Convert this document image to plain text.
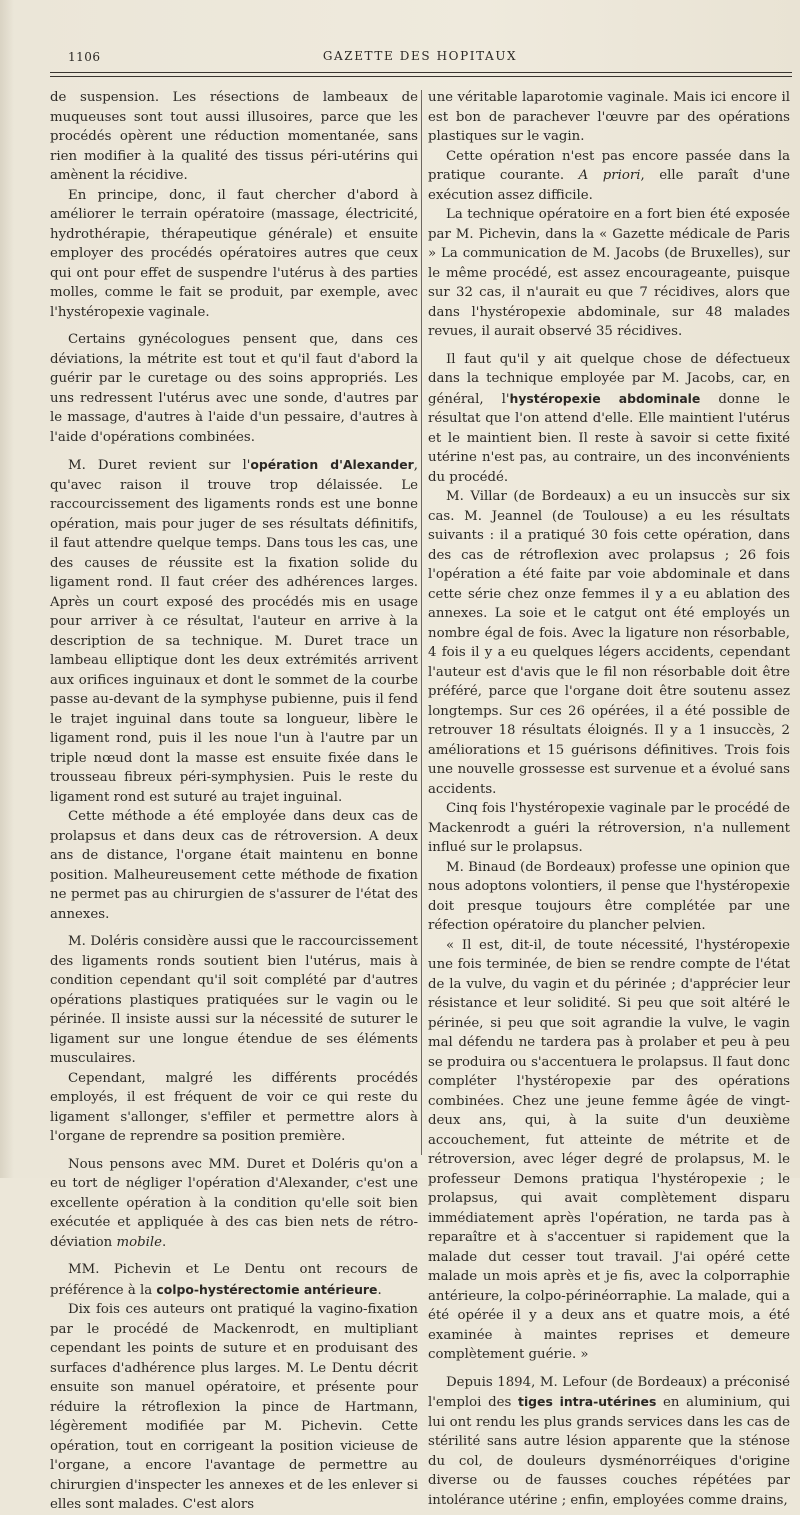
1106	GAZETTE DES HOPITAUX

de suspension. Les résections de lambeaux de muqueuses sont tout aussi illusoires, parce que les procédés opèrent une réduction momentanée, sans rien modifier à la qualité des tissus péri-utérins qui amènent la récidive.

En principe, donc, il faut chercher d'abord à améliorer le terrain opératoire (massage, électricité, hydrothérapie, thérapeutique générale) et ensuite employer des procédés opératoires autres que ceux qui ont pour effet de suspendre l'utérus à des parties molles, comme le fait se produit, par exemple, avec l'hystéropexie vaginale.

Certains gynécologues pensent que, dans ces déviations, la métrite est tout et qu'il faut d'abord la guérir par le curetage ou des soins appropriés. Les uns redressent l'utérus avec une sonde, d'autres par le massage, d'autres à l'aide d'un pessaire, d'autres à l'aide d'opérations combinées.

M. Duret revient sur l'opération d'Alexander, qu'avec raison il trouve trop délaissée. Le raccourcissement des ligaments ronds est une bonne opération, mais pour juger de ses résultats définitifs, il faut attendre quelque temps. Dans tous les cas, une des causes de réussite est la fixation solide du ligament rond. Il faut créer des adhérences larges. Après un court exposé des procédés mis en usage pour arriver à ce résultat, l'auteur en arrive à la description de sa technique. M. Duret trace un lambeau elliptique dont les deux extrémités arrivent aux orifices inguinaux et dont le sommet de la courbe passe au-devant de la symphyse pubienne, puis il fend le trajet inguinal dans toute sa longueur, libère le ligament rond, puis il les noue l'un à l'autre par un triple nœud dont la masse est ensuite fixée dans le trousseau fibreux péri-symphysien. Puis le reste du ligament rond est suturé au trajet inguinal.

Cette méthode a été employée dans deux cas de prolapsus et dans deux cas de rétroversion. A deux ans de distance, l'organe était maintenu en bonne position. Malheureusement cette méthode de fixation ne permet pas au chirurgien de s'assurer de l'état des annexes.

M. Doléris considère aussi que le raccourcissement des ligaments ronds soutient bien l'utérus, mais à condition cependant qu'il soit complété par d'autres opérations plastiques pratiquées sur le vagin ou le périnée. Il insiste aussi sur la nécessité de suturer le ligament sur une longue étendue de ses éléments musculaires.

Cependant, malgré les différents procédés employés, il est fréquent de voir ce qui reste du ligament s'allonger, s'effiler et permettre alors à l'organe de reprendre sa position première.

Nous pensons avec MM. Duret et Doléris qu'on a eu tort de négliger l'opération d'Alexander, c'est une excellente opération à la condition qu'elle soit bien exécutée et appliquée à des cas bien nets de rétro-déviation mobile.

MM. Pichevin et Le Dentu ont recours de préférence à la colpo-hystérectomie antérieure.

Dix fois ces auteurs ont pratiqué la vagino-fixation par le procédé de Mackenrodt, en multipliant cependant les points de suture et en produisant des surfaces d'adhérence plus larges. M. Le Dentu décrit ensuite son manuel opératoire, et présente pour réduire la rétroflexion la pince de Hartmann, légèrement modifiée par M. Pichevin. Cette opération, tout en corrigeant la position vicieuse de l'organe, a encore l'avantage de permettre au chirurgien d'inspecter les annexes et de les enlever si elles sont malades. C'est alors

une véritable laparotomie vaginale. Mais ici encore il est bon de parachever l'œuvre par des opérations plastiques sur le vagin.

Cette opération n'est pas encore passée dans la pratique courante. A priori, elle paraît d'une exécution assez difficile.

La technique opératoire en a fort bien été exposée par M. Pichevin, dans la « Gazette médicale de Paris » La communication de M. Jacobs (de Bruxelles), sur le même procédé, est assez encourageante, puisque sur 32 cas, il n'aurait eu que 7 récidives, alors que dans l'hystéropexie abdominale, sur 48 malades revues, il aurait observé 35 récidives.

Il faut qu'il y ait quelque chose de défectueux dans la technique employée par M. Jacobs, car, en général, l'hystéropexie abdominale donne le résultat que l'on attend d'elle. Elle maintient l'utérus et le maintient bien. Il reste à savoir si cette fixité utérine n'est pas, au contraire, un des inconvénients du procédé.

M. Villar (de Bordeaux) a eu un insuccès sur six cas. M. Jeannel (de Toulouse) a eu les résultats suivants : il a pratiqué 30 fois cette opération, dans des cas de rétroflexion avec prolapsus ; 26 fois l'opération a été faite par voie abdominale et dans cette série chez onze femmes il y a eu ablation des annexes. La soie et le catgut ont été employés un nombre égal de fois. Avec la ligature non résorbable, 4 fois il y a eu quelques légers accidents, cependant l'auteur est d'avis que le fil non résorbable doit être préféré, parce que l'organe doit être soutenu assez longtemps. Sur ces 26 opérées, il a été possible de retrouver 18 résultats éloignés. Il y a 1 insuccès, 2 améliorations et 15 guérisons définitives. Trois fois une nouvelle grossesse est survenue et a évolué sans accidents.

Cinq fois l'hystéropexie vaginale par le procédé de Mackenrodt a guéri la rétroversion, n'a nullement influé sur le prolapsus.

M. Binaud (de Bordeaux) professe une opinion que nous adoptons volontiers, il pense que l'hystéropexie doit presque toujours être complétée par une réfection opératoire du plancher pelvien.

« Il est, dit-il, de toute nécessité, l'hystéropexie une fois terminée, de bien se rendre compte de l'état de la vulve, du vagin et du périnée ; d'apprécier leur résistance et leur solidité. Si peu que soit altéré le périnée, si peu que soit agrandie la vulve, le vagin mal défendu ne tardera pas à prolaber et peu à peu se produira ou s'accentuera le prolapsus. Il faut donc compléter l'hystéropexie par des opérations combinées. Chez une jeune femme âgée de vingt-deux ans, qui, à la suite d'un deuxième accouchement, fut atteinte de métrite et de rétroversion, avec léger degré de prolapsus, M. le professeur Demons pratiqua l'hystéropexie ; le prolapsus, qui avait complètement disparu immédiatement après l'opération, ne tarda pas à reparaître et à s'accentuer si rapidement que la malade dut cesser tout travail. J'ai opéré cette malade un mois après et je fis, avec la colporraphie antérieure, la colpo-périnéorraphie. La malade, qui a été opérée il y a deux ans et quatre mois, a été examinée à maintes reprises et demeure complètement guérie. »

Depuis 1894, M. Lefour (de Bordeaux) a préconisé l'emploi des tiges intra-utérines en aluminium, qui lui ont rendu les plus grands services dans les cas de stérilité sans autre lésion apparente que la sténose du col, de douleurs dysménorréiques d'origine diverse ou de fausses couches répétées par intolérance utérine ; enfin, employées comme drains,
